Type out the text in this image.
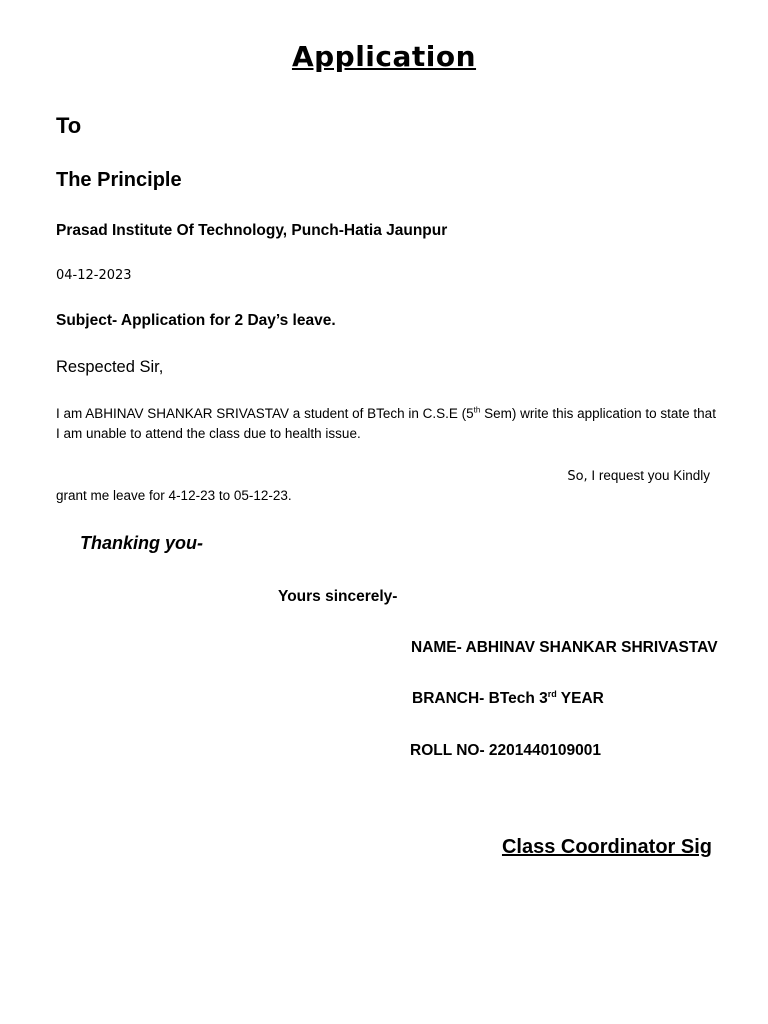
Application
To
The Principle
Prasad Institute Of Technology, Punch-Hatia Jaunpur
04-12-2023
Subject- Application for 2 Day’s leave.
Respected Sir,
I am ABHINAV SHANKAR SRIVASTAV a student of BTech in C.S.E (5th Sem) write this application to state that I am unable to attend the class due to health issue.
So, I request you Kindly
grant me leave for 4-12-23 to 05-12-23.
Thanking you-
Yours sincerely-
NAME- ABHINAV SHANKAR SHRIVASTAV
BRANCH- BTech 3rd YEAR
ROLL NO- 2201440109001
Class Coordinator Sig
